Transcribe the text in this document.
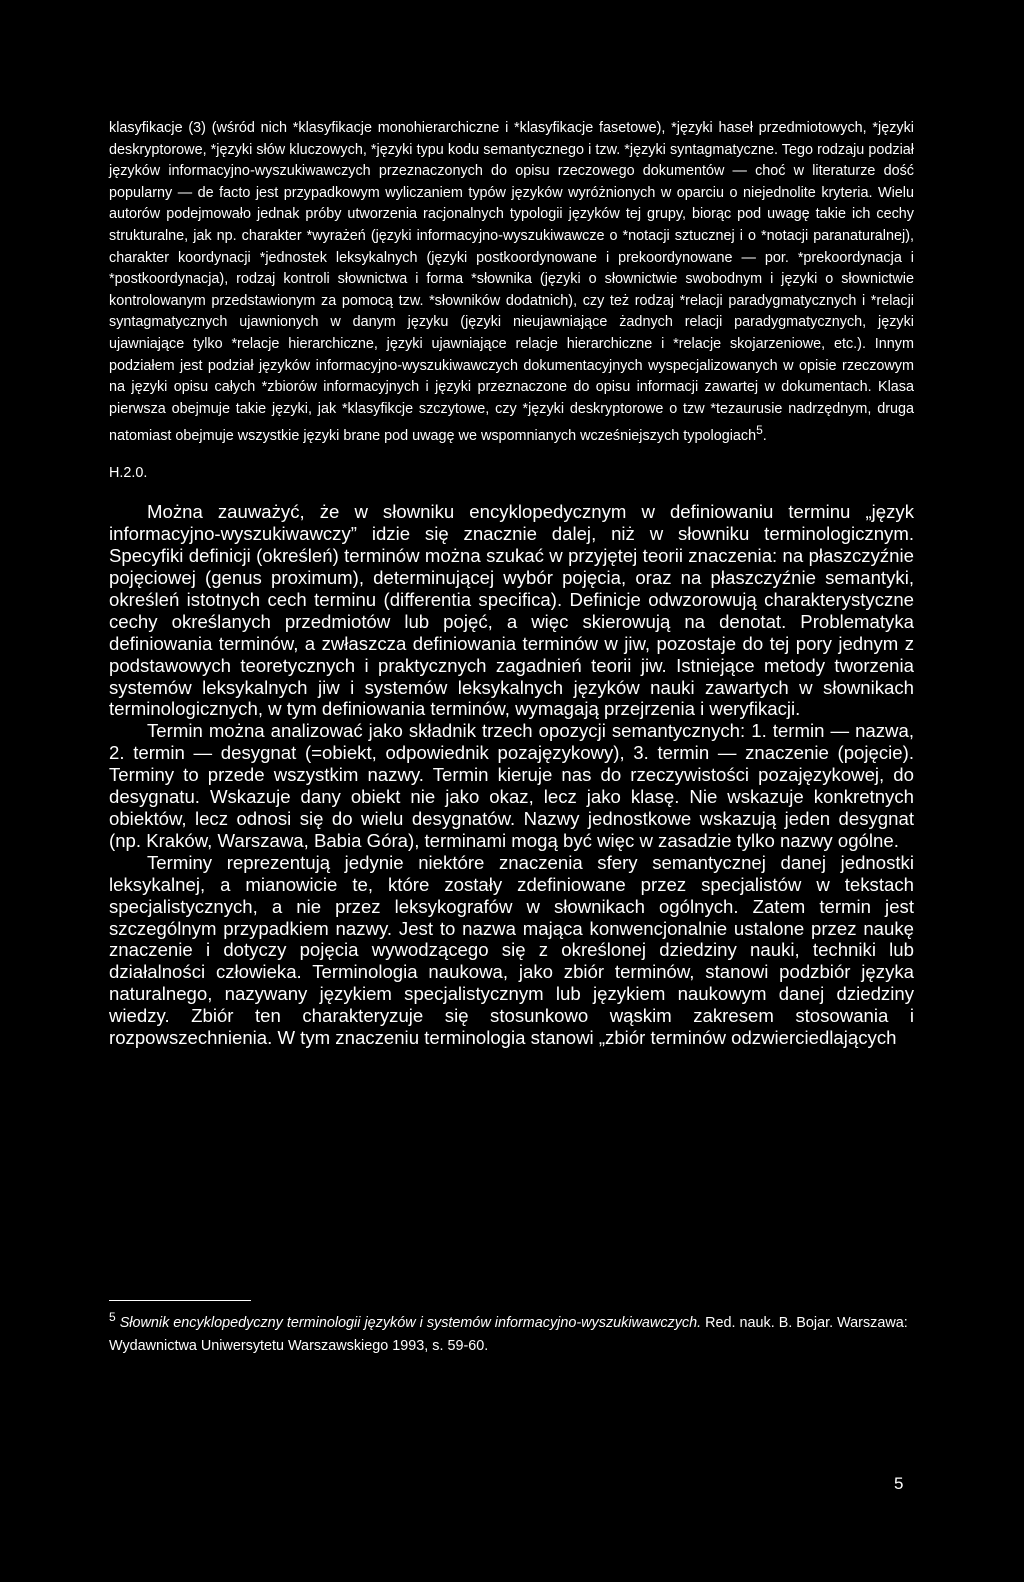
klasyfikacje (3) (wśród nich *klasyfikacje monohierarchiczne i *klasyfikacje fasetowe), *języki haseł przedmiotowych, *języki deskryptorowe, *języki słów kluczowych, *języki typu kodu semantycznego i tzw. *języki syntagmatyczne. Tego rodzaju podział języków informacyjno-wyszukiwawczych przeznaczonych do opisu rzeczowego dokumentów — choć w literaturze dość popularny — de facto jest przypadkowym wyliczaniem typów języków wyróżnionych w oparciu o niejednolite kryteria. Wielu autorów podejmowało jednak próby utworzenia racjonalnych typologii języków tej grupy, biorąc pod uwagę takie ich cechy strukturalne, jak np. charakter *wyrażeń (języki informacyjno-wyszukiwawcze o *notacji sztucznej i o *notacji paranaturalnej), charakter koordynacji *jednostek leksykalnych (języki postkoordynowane i prekoordynowane — por. *prekoordynacja i *postkoordynacja), rodzaj kontroli słownictwa i forma *słownika (języki o słownictwie swobodnym i języki o słownictwie kontrolowanym przedstawionym za pomocą tzw. *słowników dodatnich), czy też rodzaj *relacji paradygmatycznych i *relacji syntagmatycznych ujawnionych w danym języku (języki nieujawniające żadnych relacji paradygmatycznych, języki ujawniające tylko *relacje hierarchiczne, języki ujawniające relacje hierarchiczne i *relacje skojarzeniowe, etc.). Innym podziałem jest podział języków informacyjno-wyszukiwawczych dokumentacyjnych wyspecjalizowanych w opisie rzeczowym na języki opisu całych *zbiorów informacyjnych i języki przeznaczone do opisu informacji zawartej w dokumentach. Klasa pierwsza obejmuje takie języki, jak *klasyfikcje szczytowe, czy *języki deskryptorowe o tzw *tezaurusie nadrzędnym, druga natomiast obejmuje wszystkie języki brane pod uwagę we wspomnianych wcześniejszych typologiach$^5$.

H.2.0.

Można zauważyć, że w słowniku encyklopedycznym w definiowaniu terminu „język informacyjno-wyszukiwawczy” idzie się znacznie dalej, niż w słowniku terminologicznym. Specyfiki definicji (określeń) terminów można szukać w przyjętej teorii znaczenia: na płaszczyźnie pojęciowej (genus proximum), determinującej wybór pojęcia, oraz na płaszczyźnie semantyki, określeń istotnych cech terminu (differentia specifica). Definicje odwzorowują charakterystyczne cechy określanych przedmiotów lub pojęć, a więc skierowują na denotat. Problematyka definiowania terminów, a zwłaszcza definiowania terminów w jiw, pozostaje do tej pory jednym z podstawowych teoretycznych i praktycznych zagadnień teorii jiw. Istniejące metody tworzenia systemów leksykalnych jiw i systemów leksykalnych języków nauki zawartych w słownikach terminologicznych, w tym definiowania terminów, wymagają przejrzenia i weryfikacji.

Termin można analizować jako składnik trzech opozycji semantycznych: 1. termin — nazwa, 2. termin — desygnat (=obiekt, odpowiednik pozajęzykowy), 3. termin — znaczenie (pojęcie). Terminy to przede wszystkim nazwy. Termin kieruje nas do rzeczywistości pozajęzykowej, do desygnatu. Wskazuje dany obiekt nie jako okaz, lecz jako klasę. Nie wskazuje konkretnych obiektów, lecz odnosi się do wielu desygnatów. Nazwy jednostkowe wskazują jeden desygnat (np. Kraków, Warszawa, Babia Góra), terminami mogą być więc w zasadzie tylko nazwy ogólne.

Terminy reprezentują jedynie niektóre znaczenia sfery semantycznej danej jednostki leksykalnej, a mianowicie te, które zostały zdefiniowane przez specjalistów w tekstach specjalistycznych, a nie przez leksykografów w słownikach ogólnych. Zatem termin jest szczególnym przypadkiem nazwy. Jest to nazwa mająca konwencjonalnie ustalone przez naukę znaczenie i dotyczy pojęcia wywodzącego się z określonej dziedziny nauki, techniki lub działalności człowieka. Terminologia naukowa, jako zbiór terminów, stanowi podzbiór języka naturalnego, nazywany językiem specjalistycznym lub językiem naukowym danej dziedziny wiedzy. Zbiór ten charakteryzuje się stosunkowo wąskim zakresem stosowania i rozpowszechnienia. W tym znaczeniu terminologia stanowi „zbiór terminów odzwierciedlających

$^5$ Słownik encyklopedyczny terminologii języków i systemów informacyjno-wyszukiwawczych. Red. nauk. B. Bojar. Warszawa: Wydawnictwa Uniwersytetu Warszawskiego 1993, s. 59-60.
5
